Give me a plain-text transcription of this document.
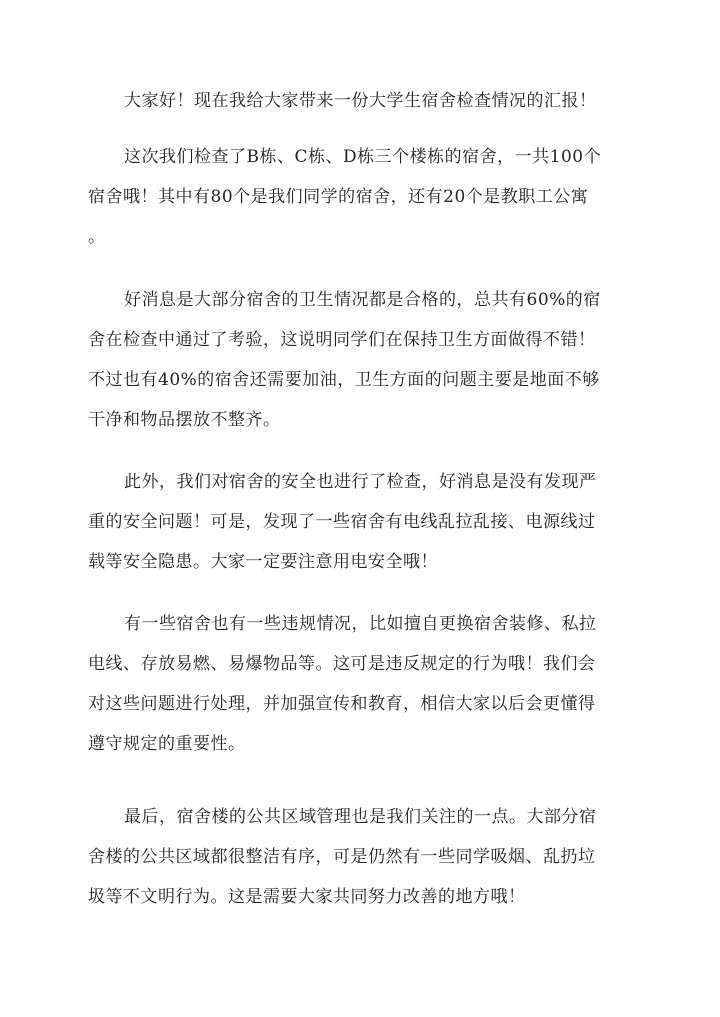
大家好！现在我给大家带来一份大学生宿舍检查情况的汇报！

这次我们检查了B栋、C栋、D栋三个楼栋的宿舍，一共100个
宿舍哦！其中有80个是我们同学的宿舍，还有20个是教职工公寓
。

好消息是大部分宿舍的卫生情况都是合格的，总共有60%的宿
舍在检查中通过了考验，这说明同学们在保持卫生方面做得不错！
不过也有40%的宿舍还需要加油，卫生方面的问题主要是地面不够
干净和物品摆放不整齐。

此外，我们对宿舍的安全也进行了检查，好消息是没有发现严
重的安全问题！可是，发现了一些宿舍有电线乱拉乱接、电源线过
载等安全隐患。大家一定要注意用电安全哦！

有一些宿舍也有一些违规情况，比如擅自更换宿舍装修、私拉
电线、存放易燃、易爆物品等。这可是违反规定的行为哦！我们会
对这些问题进行处理，并加强宣传和教育，相信大家以后会更懂得
遵守规定的重要性。

最后，宿舍楼的公共区域管理也是我们关注的一点。大部分宿
舍楼的公共区域都很整洁有序，可是仍然有一些同学吸烟、乱扔垃
圾等不文明行为。这是需要大家共同努力改善的地方哦！
